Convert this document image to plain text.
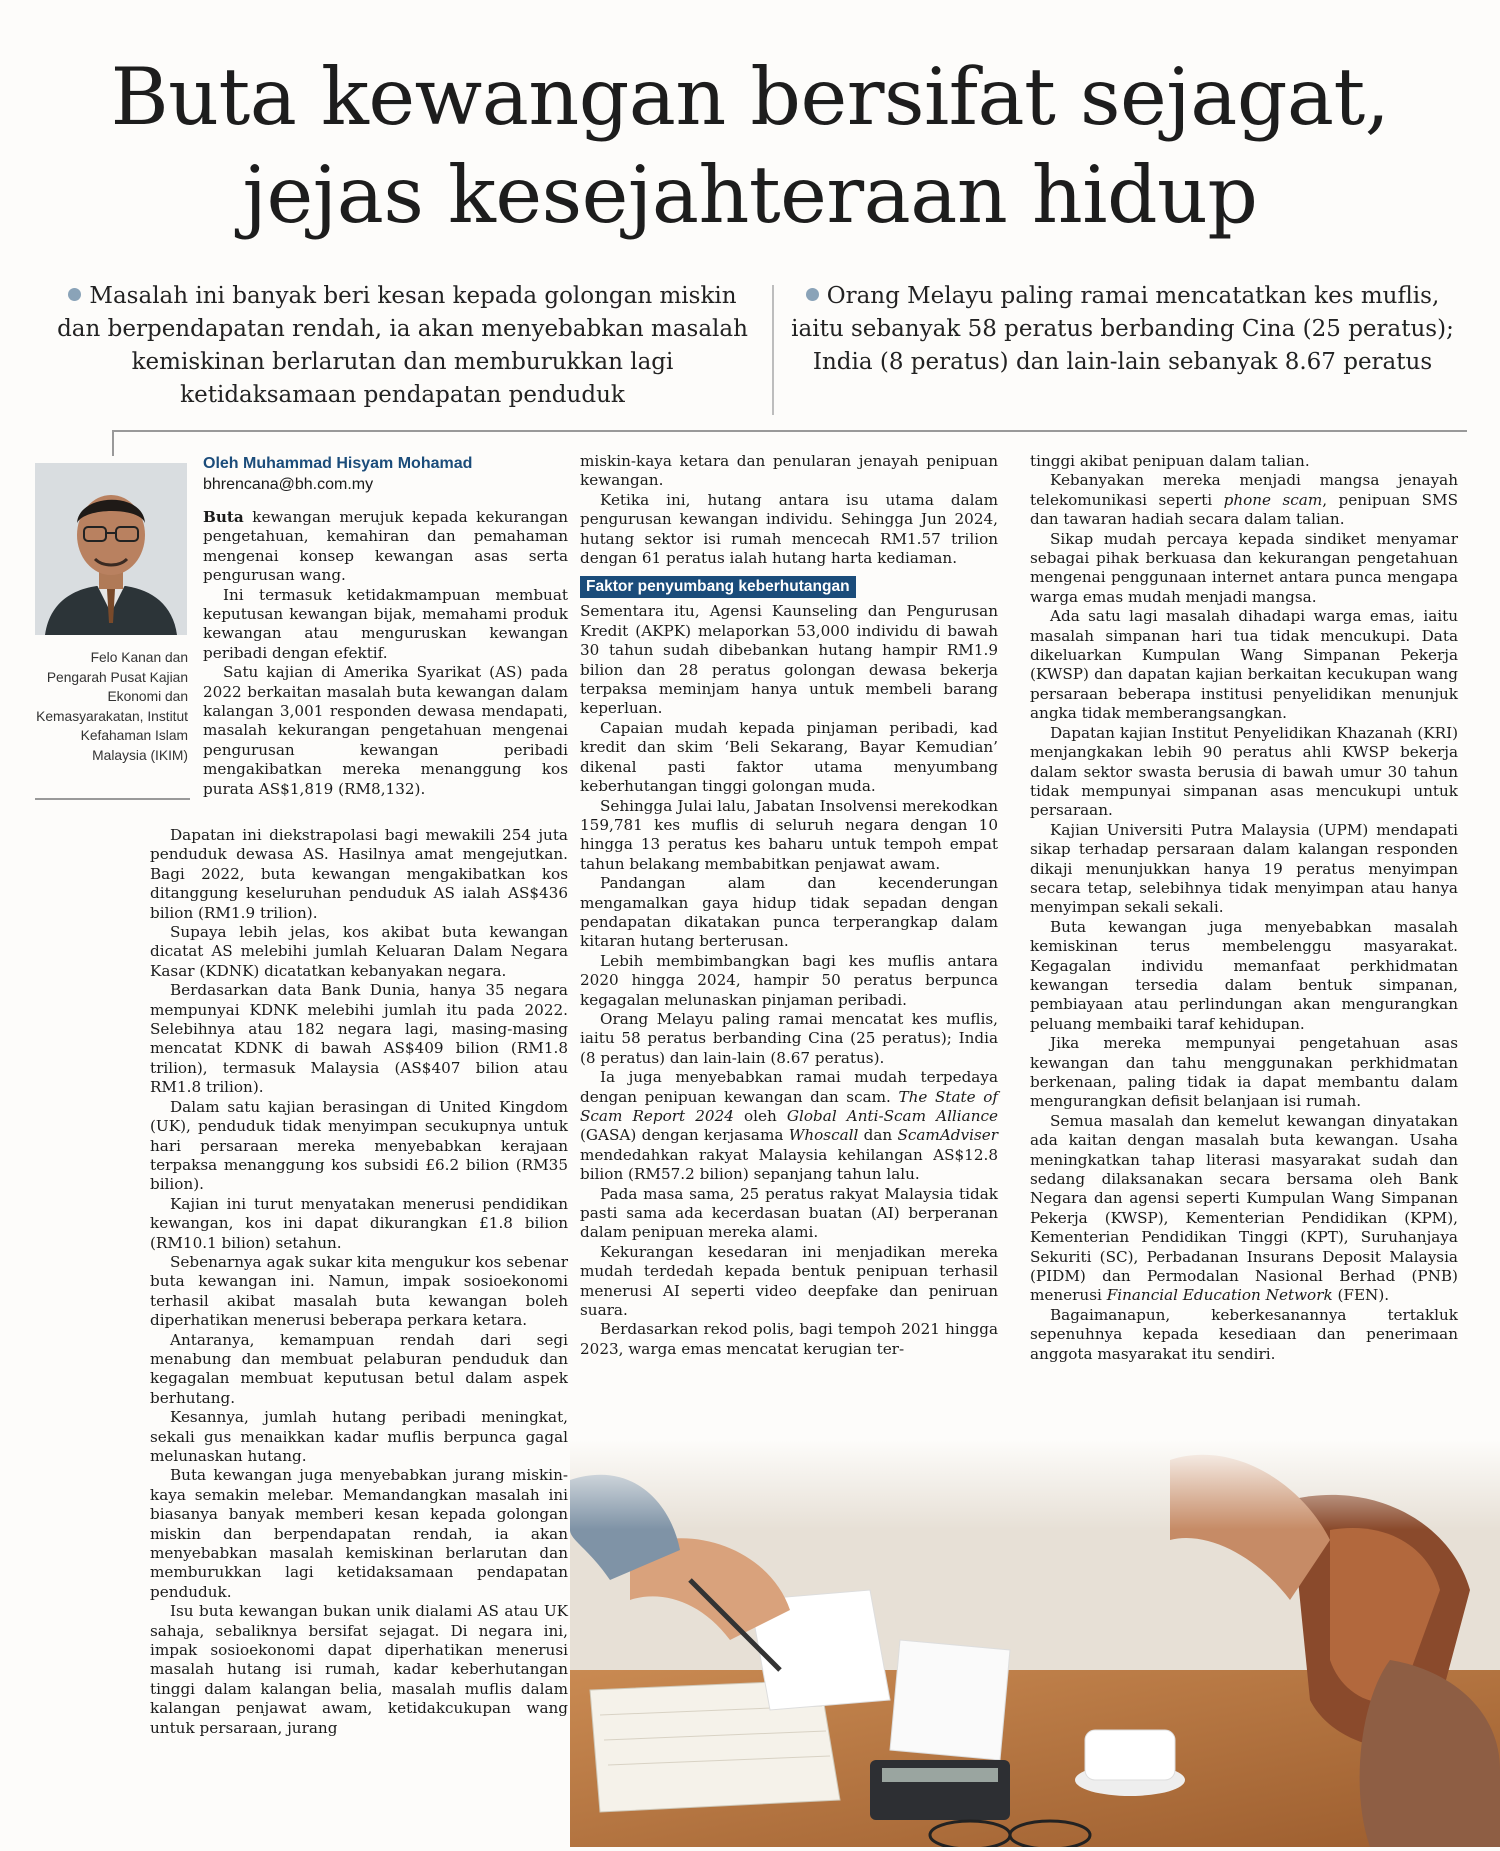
Buta kewangan bersifat sejagat,
jejas kesejahteraan hidup
Masalah ini banyak beri kesan kepada golongan miskin dan berpendapatan rendah, ia akan menyebabkan masalah kemiskinan berlarutan dan memburukkan lagi ketidaksamaan pendapatan penduduk
Orang Melayu paling ramai mencatatkan kes muflis, iaitu sebanyak 58 peratus berbanding Cina (25 peratus); India (8 peratus) dan lain-lain sebanyak 8.67 peratus
Felo Kanan dan Pengarah Pusat Kajian Ekonomi dan Kemasyarakatan, Institut Kefahaman Islam Malaysia (IKIM)
Oleh Muhammad Hisyam Mohamad
bhrencana@bh.com.my

Buta kewangan merujuk kepada kekurangan pengetahuan, kemahiran dan pemahaman mengenai konsep kewangan asas serta pengurusan wang.

Ini termasuk ketidakmampuan membuat keputusan kewangan bijak, memahami produk kewangan atau menguruskan kewangan peribadi dengan efektif.

Satu kajian di Amerika Syarikat (AS) pada 2022 berkaitan masalah buta kewangan dalam kalangan 3,001 responden dewasa mendapati, masalah kekurangan pengetahuan mengenai pengurusan kewangan peribadi mengakibatkan mereka menanggung kos purata AS$1,819 (RM8,132).

Dapatan ini diekstrapolasi bagi mewakili 254 juta penduduk dewasa AS. Hasilnya amat mengejutkan. Bagi 2022, buta kewangan mengakibatkan kos ditanggung keseluruhan penduduk AS ialah AS$436 bilion (RM1.9 trilion).

Supaya lebih jelas, kos akibat buta kewangan dicatat AS melebihi jumlah Keluaran Dalam Negara Kasar (KDNK) dicatatkan kebanyakan negara.

Berdasarkan data Bank Dunia, hanya 35 negara mempunyai KDNK melebihi jumlah itu pada 2022. Selebihnya atau 182 negara lagi, masing-masing mencatat KDNK di bawah AS$409 bilion (RM1.8 trilion), termasuk Malaysia (AS$407 bilion atau RM1.8 trilion).

Dalam satu kajian berasingan di United Kingdom (UK), penduduk tidak menyimpan secukupnya untuk hari persaraan mereka menyebabkan kerajaan terpaksa menanggung kos subsidi £6.2 bilion (RM35 bilion).

Kajian ini turut menyatakan menerusi pendidikan kewangan, kos ini dapat dikurangkan £1.8 bilion (RM10.1 bilion) setahun.

Sebenarnya agak sukar kita mengukur kos sebenar buta kewangan ini. Namun, impak sosioekonomi terhasil akibat masalah buta kewangan boleh diperhatikan menerusi beberapa perkara ketara.

Antaranya, kemampuan rendah dari segi menabung dan membuat pelaburan penduduk dan kegagalan membuat keputusan betul dalam aspek berhutang.

Kesannya, jumlah hutang peribadi meningkat, sekali gus menaikkan kadar muflis berpunca gagal melunaskan hutang.

Buta kewangan juga menyebabkan jurang miskin-kaya semakin melebar. Memandangkan masalah ini biasanya banyak memberi kesan kepada golongan miskin dan berpendapatan rendah, ia akan menyebabkan masalah kemiskinan berlarutan dan memburukkan lagi ketidaksamaan pendapatan penduduk.

Isu buta kewangan bukan unik dialami AS atau UK sahaja, sebaliknya bersifat sejagat. Di negara ini, impak sosioekonomi dapat diperhatikan menerusi masalah hutang isi rumah, kadar keberhutangan tinggi dalam kalangan belia, masalah muflis dalam kalangan penjawat awam, ketidakcukupan wang untuk persaraan, jurang

miskin-kaya ketara dan penularan jenayah penipuan kewangan.

Ketika ini, hutang antara isu utama dalam pengurusan kewangan individu. Sehingga Jun 2024, hutang sektor isi rumah mencecah RM1.57 trilion dengan 61 peratus ialah hutang harta kediaman.

Faktor penyumbang keberhutangan

Sementara itu, Agensi Kaunseling dan Pengurusan Kredit (AKPK) melaporkan 53,000 individu di bawah 30 tahun sudah dibebankan hutang hampir RM1.9 bilion dan 28 peratus golongan dewasa bekerja terpaksa meminjam hanya untuk membeli barang keperluan.

Capaian mudah kepada pinjaman peribadi, kad kredit dan skim ‘Beli Sekarang, Bayar Kemudian’ dikenal pasti faktor utama menyumbang keberhutangan tinggi golongan muda.

Sehingga Julai lalu, Jabatan Insolvensi merekodkan 159,781 kes muflis di seluruh negara dengan 10 hingga 13 peratus kes baharu untuk tempoh empat tahun belakang membabitkan penjawat awam.

Pandangan alam dan kecenderungan mengamalkan gaya hidup tidak sepadan dengan pendapatan dikatakan punca terperangkap dalam kitaran hutang berterusan.

Lebih membimbangkan bagi kes muflis antara 2020 hingga 2024, hampir 50 peratus berpunca kegagalan melunaskan pinjaman peribadi.

Orang Melayu paling ramai mencatat kes muflis, iaitu 58 peratus berbanding Cina (25 peratus); India (8 peratus) dan lain-lain (8.67 peratus).

Ia juga menyebabkan ramai mudah terpedaya dengan penipuan kewangan dan scam. The State of Scam Report 2024 oleh Global Anti-Scam Alliance (GASA) dengan kerjasama Whoscall dan ScamAdviser mendedahkan rakyat Malaysia kehilangan AS$12.8 bilion (RM57.2 bilion) sepanjang tahun lalu.

Pada masa sama, 25 peratus rakyat Malaysia tidak pasti sama ada kecerdasan buatan (AI) berperanan dalam penipuan mereka alami.

Kekurangan kesedaran ini menjadikan mereka mudah terdedah kepada bentuk penipuan terhasil menerusi AI seperti video deepfake dan peniruan suara.

Berdasarkan rekod polis, bagi tempoh 2021 hingga 2023, warga emas mencatat kerugian ter-

tinggi akibat penipuan dalam talian.

Kebanyakan mereka menjadi mangsa jenayah telekomunikasi seperti phone scam, penipuan SMS dan tawaran hadiah secara dalam talian.

Sikap mudah percaya kepada sindiket menyamar sebagai pihak berkuasa dan kekurangan pengetahuan mengenai penggunaan internet antara punca mengapa warga emas mudah menjadi mangsa.

Ada satu lagi masalah dihadapi warga emas, iaitu masalah simpanan hari tua tidak mencukupi. Data dikeluarkan Kumpulan Wang Simpanan Pekerja (KWSP) dan dapatan kajian berkaitan kecukupan wang persaraan beberapa institusi penyelidikan menunjuk angka tidak memberangsangkan.

Dapatan kajian Institut Penyelidikan Khazanah (KRI) menjangkakan lebih 90 peratus ahli KWSP bekerja dalam sektor swasta berusia di bawah umur 30 tahun tidak mempunyai simpanan asas mencukupi untuk persaraan.

Kajian Universiti Putra Malaysia (UPM) mendapati sikap terhadap persaraan dalam kalangan responden dikaji menunjukkan hanya 19 peratus menyimpan secara tetap, selebihnya tidak menyimpan atau hanya menyimpan sekali sekali.

Buta kewangan juga menyebabkan masalah kemiskinan terus membelenggu masyarakat. Kegagalan individu memanfaat perkhidmatan kewangan tersedia dalam bentuk simpanan, pembiayaan atau perlindungan akan mengurangkan peluang membaiki taraf kehidupan.

Jika mereka mempunyai pengetahuan asas kewangan dan tahu menggunakan perkhidmatan berkenaan, paling tidak ia dapat membantu dalam mengurangkan defisit belanjaan isi rumah.

Semua masalah dan kemelut kewangan dinyatakan ada kaitan dengan masalah buta kewangan. Usaha meningkatkan tahap literasi masyarakat sudah dan sedang dilaksanakan secara bersama oleh Bank Negara dan agensi seperti Kumpulan Wang Simpanan Pekerja (KWSP), Kementerian Pendidikan (KPM), Kementerian Pendidikan Tinggi (KPT), Suruhanjaya Sekuriti (SC), Perbadanan Insurans Deposit Malaysia (PIDM) dan Permodalan Nasional Berhad (PNB) menerusi Financial Education Network (FEN).

Bagaimanapun, keberkesanannya tertakluk sepenuhnya kepada kesediaan dan penerimaan anggota masyarakat itu sendiri.
